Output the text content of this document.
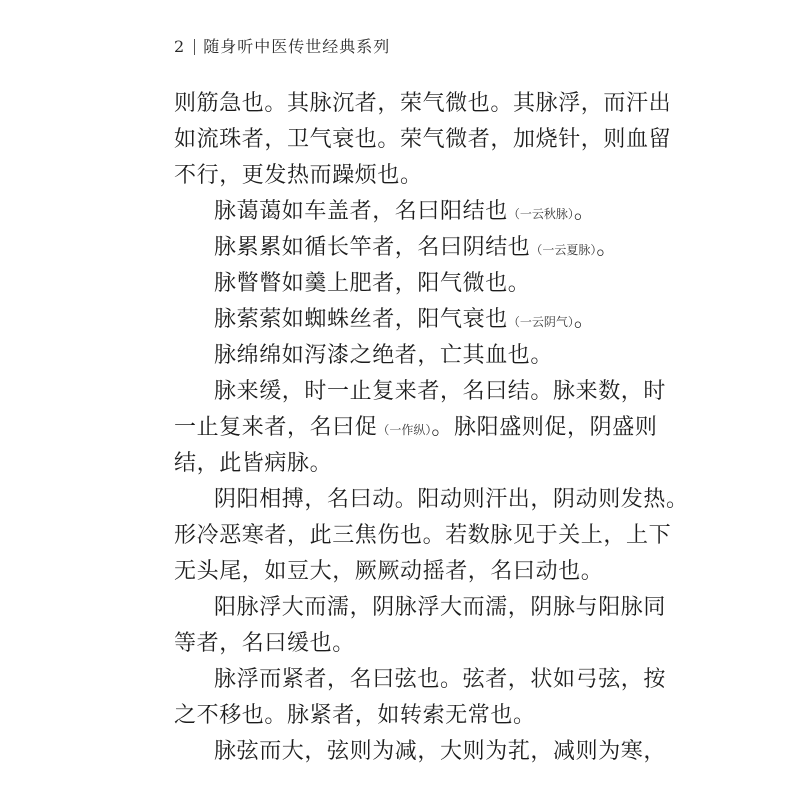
2 随身听中医传世经典系列
则筋急也。其脉沉者，荣气微也。其脉浮，而汗出
如流珠者，卫气衰也。荣气微者，加烧针，则血留
不行，更发热而躁烦也。
脉蔼蔼如车盖者，名曰阳结也（一云秋脉）。
脉累累如循长竿者，名曰阴结也（一云夏脉）。
脉瞥瞥如羹上肥者，阳气微也。
脉萦萦如蜘蛛丝者，阳气衰也（一云阴气）。
脉绵绵如泻漆之绝者，亡其血也。
脉来缓，时一止复来者，名曰结。脉来数，时
一止复来者，名曰促（一作纵）。脉阳盛则促，阴盛则
结，此皆病脉。
阴阳相搏，名曰动。阳动则汗出，阴动则发热。
形冷恶寒者，此三焦伤也。若数脉见于关上，上下
无头尾，如豆大，厥厥动摇者，名曰动也。
阳脉浮大而濡，阴脉浮大而濡，阴脉与阳脉同
等者，名曰缓也。
脉浮而紧者，名曰弦也。弦者，状如弓弦，按
之不移也。脉紧者，如转索无常也。
脉弦而大，弦则为减，大则为芤，减则为寒，
